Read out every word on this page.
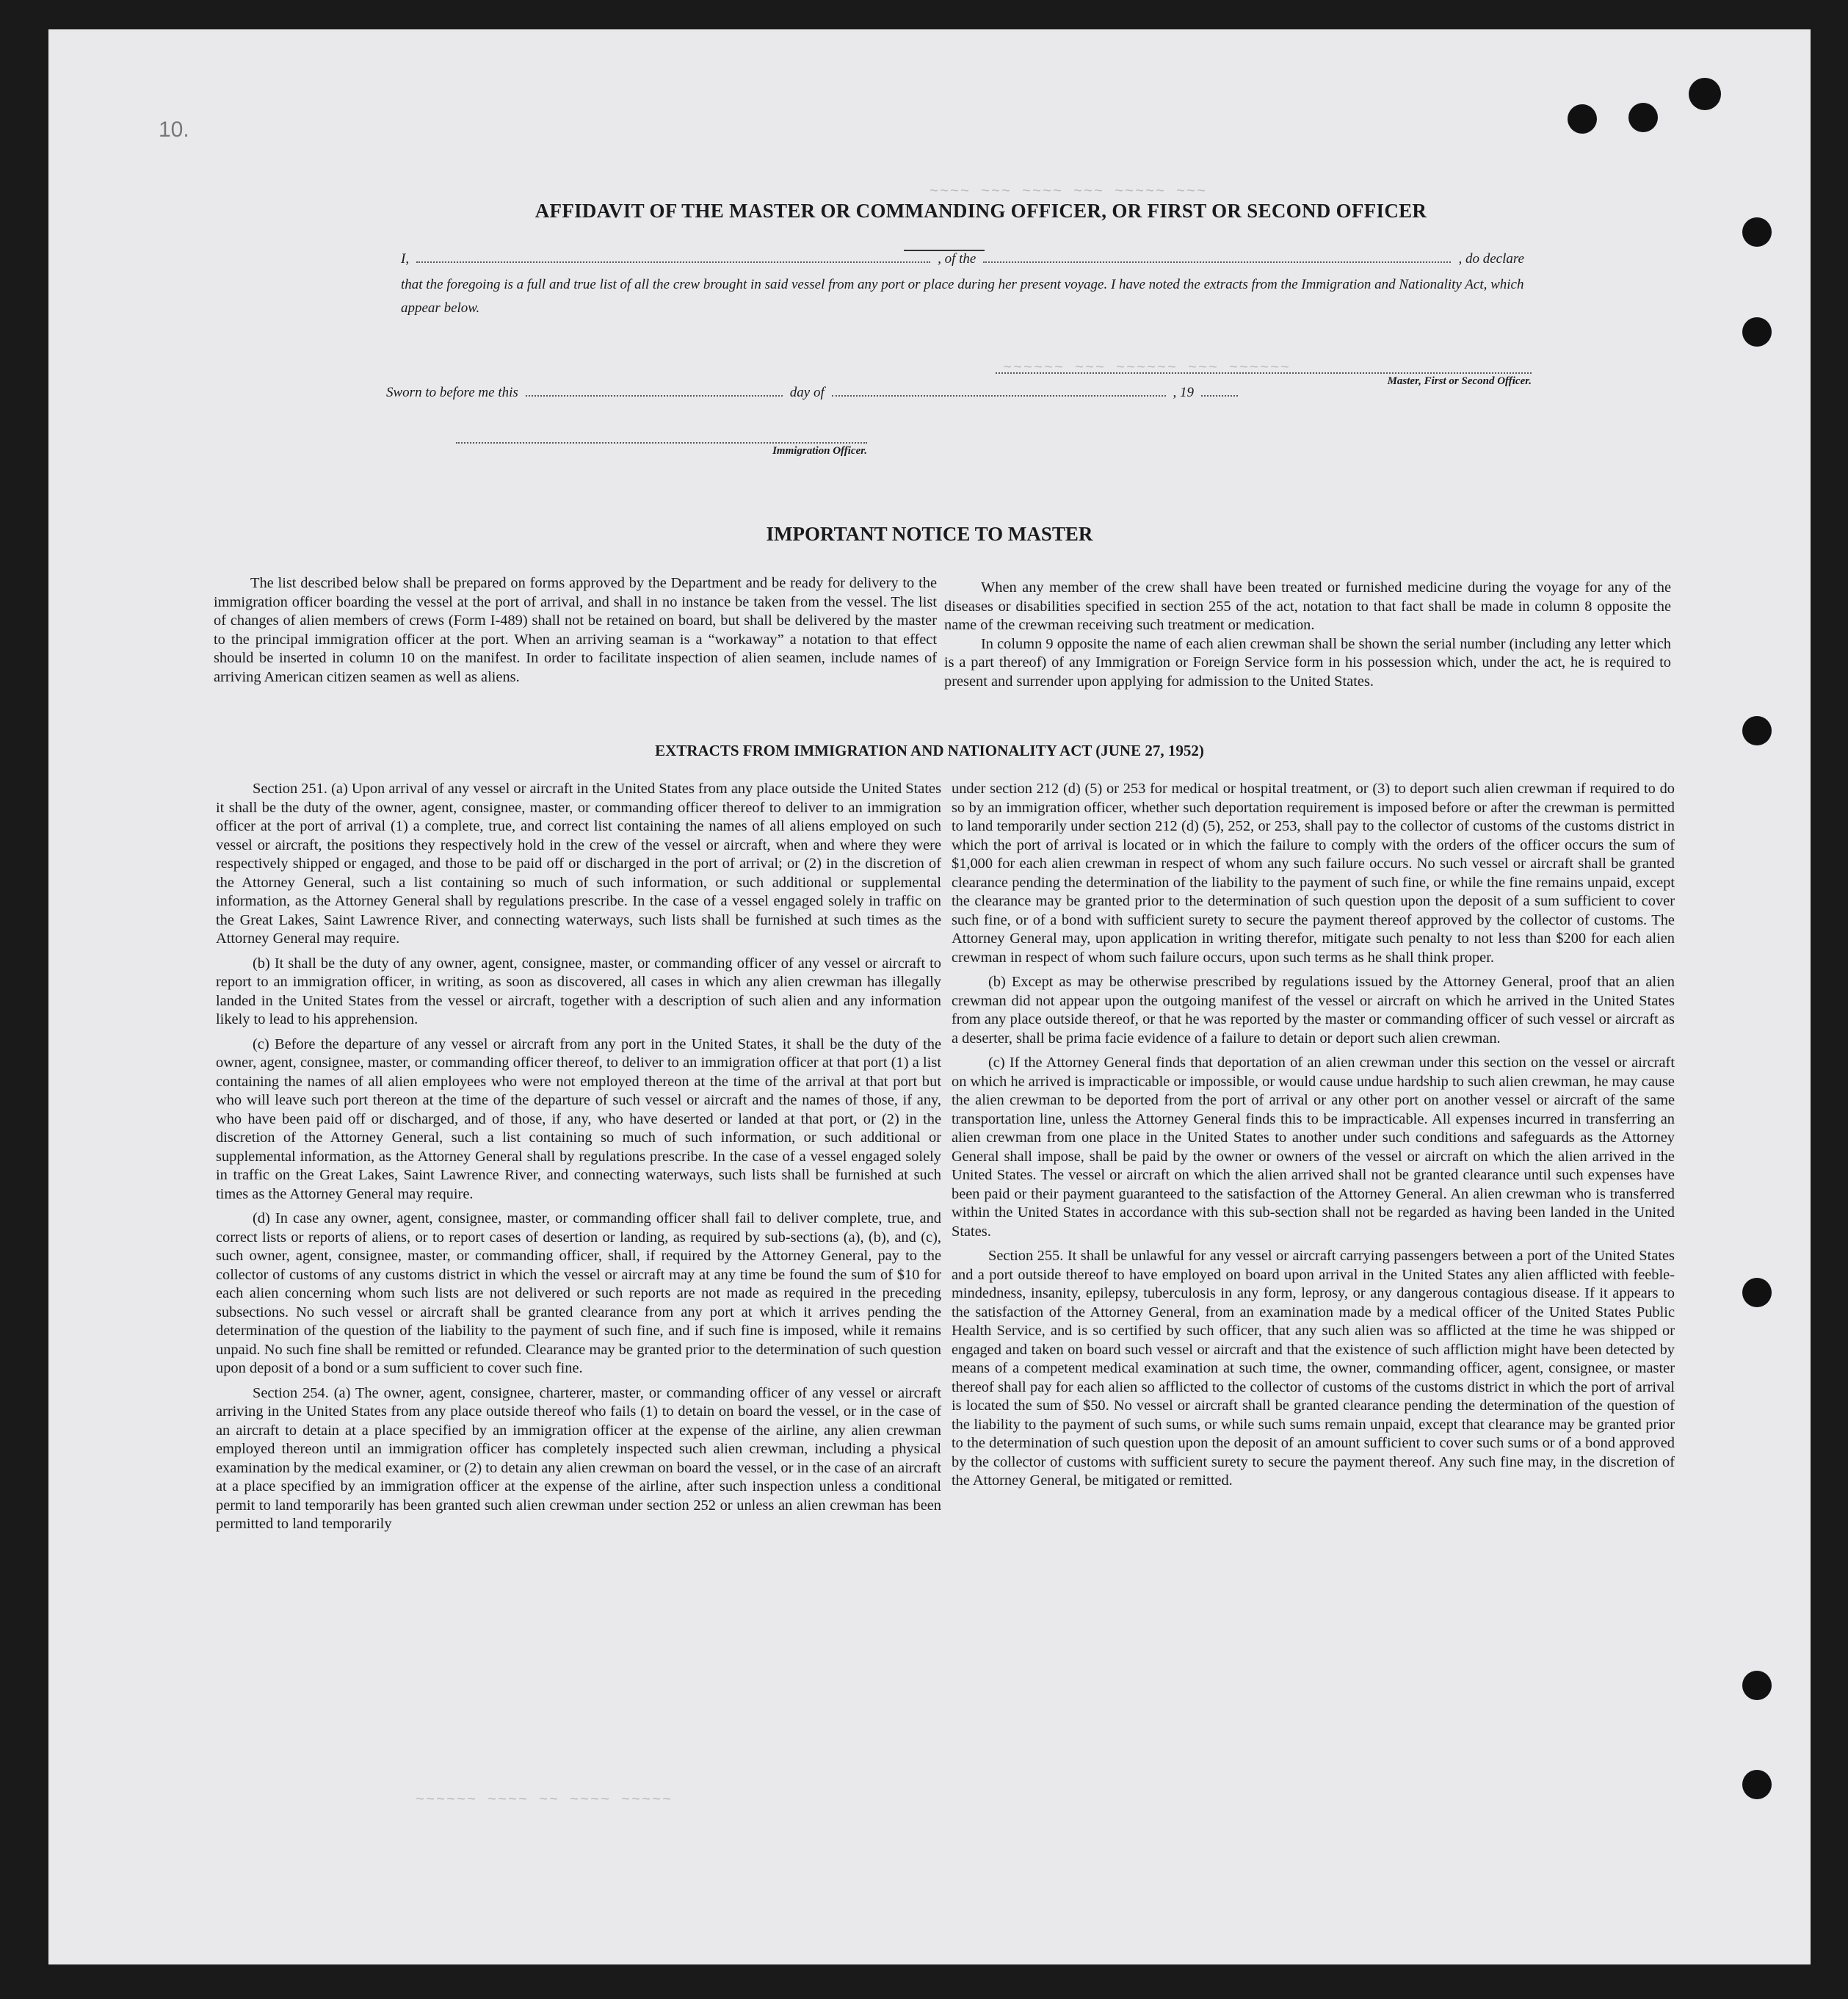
~~~~ ~~~ ~~~~ ~~~ ~~~~~ ~~~
~~~~~~ ~~~ ~~~~~~ ~~~ ~~~~~~
~~~~~~ ~~~~ ~~ ~~~~ ~~~~~
10.
AFFIDAVIT OF THE MASTER OR COMMANDING OFFICER, OR FIRST OR SECOND OFFICER
I,	, of the	, do declare
that the foregoing is a full and true list of all the crew brought in said vessel from any port or place during her present voyage. I have noted the extracts from the Immigration and Nationality Act, which appear below.
Master, First or Second Officer.
Sworn to before me this	day of	, 19
Immigration Officer.
IMPORTANT NOTICE TO MASTER

The list described below shall be prepared on forms approved by the Department and be ready for delivery to the immigration officer boarding the vessel at the port of arrival, and shall in no instance be taken from the vessel. The list of changes of alien members of crews (Form I-489) shall not be retained on board, but shall be delivered by the master to the principal immigration officer at the port. When an arriving seaman is a “workaway” a notation to that effect should be inserted in column 10 on the manifest. In order to facilitate inspection of alien seamen, include names of arriving American citizen seamen as well as aliens.

When any member of the crew shall have been treated or furnished medicine during the voyage for any of the diseases or disabilities specified in section 255 of the act, notation to that fact shall be made in column 8 opposite the name of the crewman receiving such treatment or medication.

In column 9 opposite the name of each alien crewman shall be shown the serial number (including any letter which is a part thereof) of any Immigration or Foreign Service form in his possession which, under the act, he is required to present and surrender upon applying for admission to the United States.

EXTRACTS FROM IMMIGRATION AND NATIONALITY ACT (JUNE 27, 1952)

Section 251. (a) Upon arrival of any vessel or aircraft in the United States from any place outside the United States it shall be the duty of the owner, agent, consignee, master, or commanding officer thereof to deliver to an immigration officer at the port of arrival (1) a complete, true, and correct list containing the names of all aliens employed on such vessel or aircraft, the positions they respectively hold in the crew of the vessel or aircraft, when and where they were respectively shipped or engaged, and those to be paid off or discharged in the port of arrival; or (2) in the discretion of the Attorney General, such a list containing so much of such information, or such additional or supplemental information, as the Attorney General shall by regulations prescribe. In the case of a vessel engaged solely in traffic on the Great Lakes, Saint Lawrence River, and connecting waterways, such lists shall be furnished at such times as the Attorney General may require.

(b) It shall be the duty of any owner, agent, consignee, master, or commanding officer of any vessel or aircraft to report to an immigration officer, in writing, as soon as discovered, all cases in which any alien crewman has illegally landed in the United States from the vessel or aircraft, together with a description of such alien and any information likely to lead to his apprehension.

(c) Before the departure of any vessel or aircraft from any port in the United States, it shall be the duty of the owner, agent, consignee, master, or commanding officer thereof, to deliver to an immigration officer at that port (1) a list containing the names of all alien employees who were not employed thereon at the time of the arrival at that port but who will leave such port thereon at the time of the departure of such vessel or aircraft and the names of those, if any, who have been paid off or discharged, and of those, if any, who have deserted or landed at that port, or (2) in the discretion of the Attorney General, such a list containing so much of such information, or such additional or supplemental information, as the Attorney General shall by regulations prescribe. In the case of a vessel engaged solely in traffic on the Great Lakes, Saint Lawrence River, and connecting waterways, such lists shall be furnished at such times as the Attorney General may require.

(d) In case any owner, agent, consignee, master, or commanding officer shall fail to deliver complete, true, and correct lists or reports of aliens, or to report cases of desertion or landing, as required by sub-sections (a), (b), and (c), such owner, agent, consignee, master, or commanding officer, shall, if required by the Attorney General, pay to the collector of customs of any customs district in which the vessel or aircraft may at any time be found the sum of $10 for each alien concerning whom such lists are not delivered or such reports are not made as required in the preceding subsections. No such vessel or aircraft shall be granted clearance from any port at which it arrives pending the determination of the question of the liability to the payment of such fine, and if such fine is imposed, while it remains unpaid. No such fine shall be remitted or refunded. Clearance may be granted prior to the determination of such question upon deposit of a bond or a sum sufficient to cover such fine.

Section 254. (a) The owner, agent, consignee, charterer, master, or commanding officer of any vessel or aircraft arriving in the United States from any place outside thereof who fails (1) to detain on board the vessel, or in the case of an aircraft to detain at a place specified by an immigration officer at the expense of the airline, any alien crewman employed thereon until an immigration officer has completely inspected such alien crewman, including a physical examination by the medical examiner, or (2) to detain any alien crewman on board the vessel, or in the case of an aircraft at a place specified by an immigration officer at the expense of the airline, after such inspection unless a conditional permit to land temporarily has been granted such alien crewman under section 252 or unless an alien crewman has been permitted to land temporarily

under section 212 (d) (5) or 253 for medical or hospital treatment, or (3) to deport such alien crewman if required to do so by an immigration officer, whether such deportation requirement is imposed before or after the crewman is permitted to land temporarily under section 212 (d) (5), 252, or 253, shall pay to the collector of customs of the customs district in which the port of arrival is located or in which the failure to comply with the orders of the officer occurs the sum of $1,000 for each alien crewman in respect of whom any such failure occurs. No such vessel or aircraft shall be granted clearance pending the determination of the liability to the payment of such fine, or while the fine remains unpaid, except the clearance may be granted prior to the determination of such question upon the deposit of a sum sufficient to cover such fine, or of a bond with sufficient surety to secure the payment thereof approved by the collector of customs. The Attorney General may, upon application in writing therefor, mitigate such penalty to not less than $200 for each alien crewman in respect of whom such failure occurs, upon such terms as he shall think proper.

(b) Except as may be otherwise prescribed by regulations issued by the Attorney General, proof that an alien crewman did not appear upon the outgoing manifest of the vessel or aircraft on which he arrived in the United States from any place outside thereof, or that he was reported by the master or commanding officer of such vessel or aircraft as a deserter, shall be prima facie evidence of a failure to detain or deport such alien crewman.

(c) If the Attorney General finds that deportation of an alien crewman under this section on the vessel or aircraft on which he arrived is impracticable or impossible, or would cause undue hardship to such alien crewman, he may cause the alien crewman to be deported from the port of arrival or any other port on another vessel or aircraft of the same transportation line, unless the Attorney General finds this to be impracticable. All expenses incurred in transferring an alien crewman from one place in the United States to another under such conditions and safeguards as the Attorney General shall impose, shall be paid by the owner or owners of the vessel or aircraft on which the alien arrived in the United States. The vessel or aircraft on which the alien arrived shall not be granted clearance until such expenses have been paid or their payment guaranteed to the satisfaction of the Attorney General. An alien crewman who is transferred within the United States in accordance with this sub-section shall not be regarded as having been landed in the United States.

Section 255. It shall be unlawful for any vessel or aircraft carrying passengers between a port of the United States and a port outside thereof to have employed on board upon arrival in the United States any alien afflicted with feeble-mindedness, insanity, epilepsy, tuberculosis in any form, leprosy, or any dangerous contagious disease. If it appears to the satisfaction of the Attorney General, from an examination made by a medical officer of the United States Public Health Service, and is so certified by such officer, that any such alien was so afflicted at the time he was shipped or engaged and taken on board such vessel or aircraft and that the existence of such affliction might have been detected by means of a competent medical examination at such time, the owner, commanding officer, agent, consignee, or master thereof shall pay for each alien so afflicted to the collector of customs of the customs district in which the port of arrival is located the sum of $50. No vessel or aircraft shall be granted clearance pending the determination of the question of the liability to the payment of such sums, or while such sums remain unpaid, except that clearance may be granted prior to the determination of such question upon the deposit of an amount sufficient to cover such sums or of a bond approved by the collector of customs with sufficient surety to secure the payment thereof. Any such fine may, in the discretion of the Attorney General, be mitigated or remitted.
